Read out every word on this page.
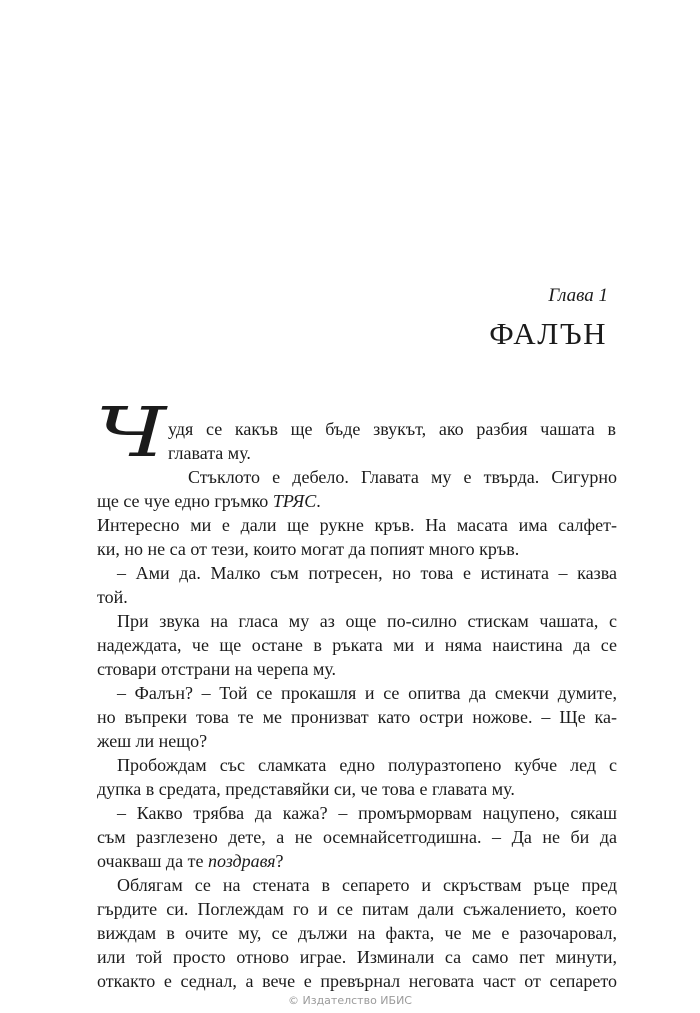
Глава 1
ФАЛЪН
Ч удя се какъв ще бъде звукът, ако разбия чашата в
главата му.
Стъклото е дебело. Главата му е твърда. Сигурно
ще се чуе едно гръмко ТРЯС.
Интересно ми е дали ще рукне кръв. На масата има салфет-
ки, но не са от тези, които могат да попият много кръв.
– Ами да. Малко съм потресен, но това е истината – казва
той.
При звука на гласа му аз още по-силно стискам чашата, с
надеждата, че ще остане в ръката ми и няма наистина да се
стовари отстрани на черепа му.
– Фалън? – Той се прокашля и се опитва да смекчи думите,
но въпреки това те ме пронизват като остри ножове. – Ще ка-
жеш ли нещо?
Пробождам със сламката едно полуразтопено кубче лед с
дупка в средата, представяйки си, че това е главата му.
– Какво трябва да кажа? – промърморвам нацупено, сякаш
съм разглезено дете, а не осемнайсетгодишна. – Да не би да
очакваш да те поздравя?
Облягам се на стената в сепарето и скръствам ръце пред
гърдите си. Поглеждам го и се питам дали съжалението, което
виждам в очите му, се дължи на факта, че ме е разочаровал,
или той просто отново играе. Изминали са само пет минути,
откакто е седнал, а вече е превърнал неговата част от сепарето
© Издателство ИБИС
